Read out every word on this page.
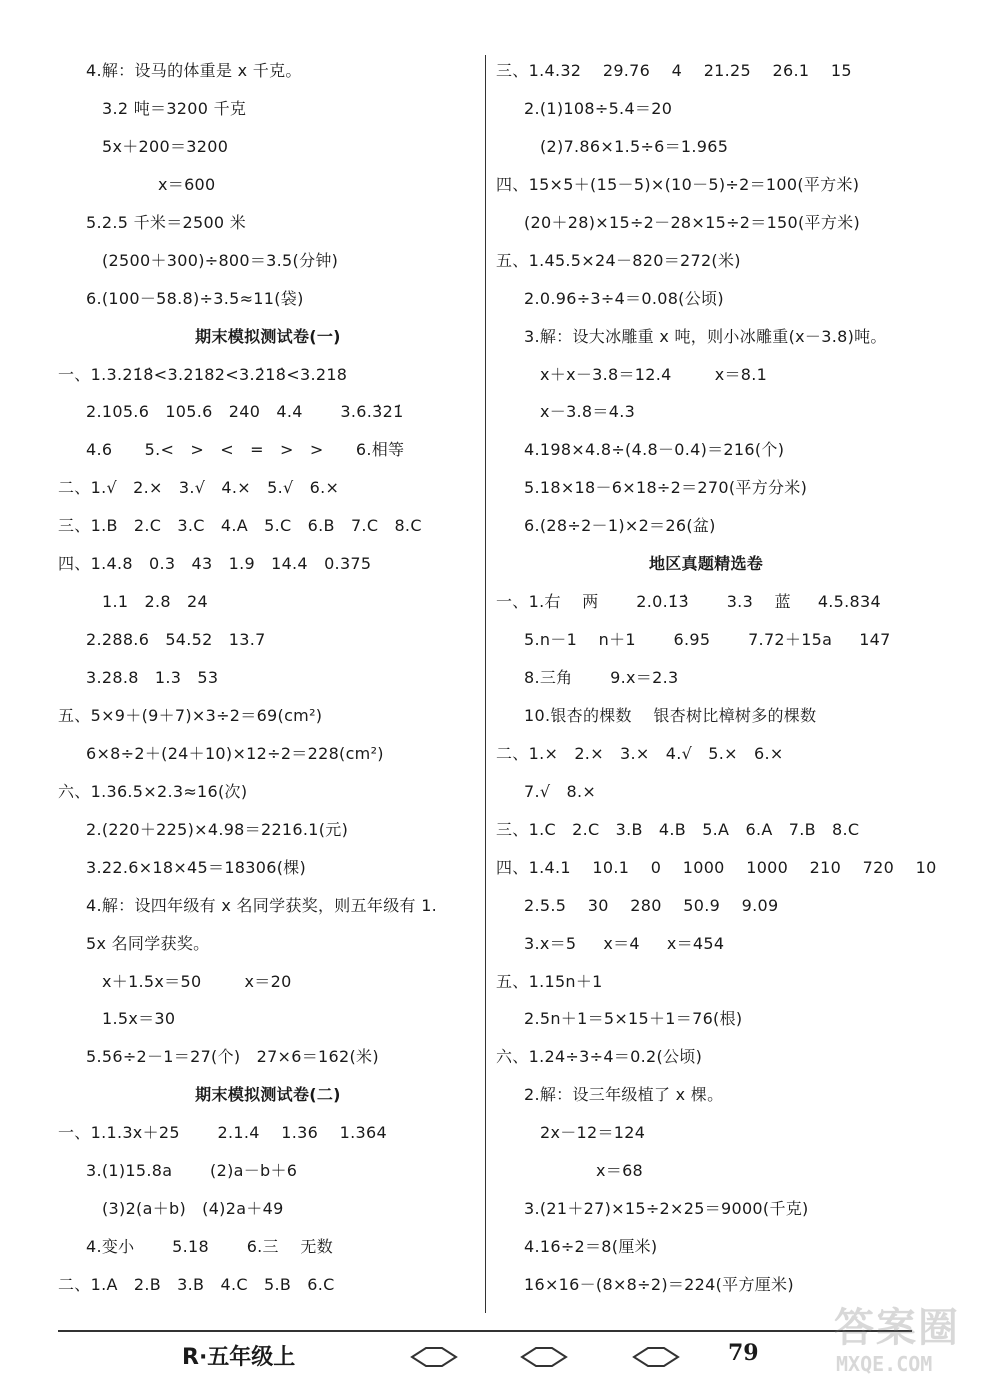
4.解：设马的体重是 x 千克。
3.2 吨＝3200 千克
5x＋200＝3200
x＝600
5.2.5 千米＝2500 米
(2500＋300)÷800＝3.5(分钟)
6.(100－58.8)÷3.5≈11(袋)
期末模拟测试卷(一)
一、1.3.21̇8̇<3.2182<3.2̇18̇<3.218
2.105.6   105.6   240   4.4       3.6.3̇21̇
4.6      5.<   >   <   =   >   >      6.相等
二、1.√   2.×   3.√   4.×   5.√   6.×
三、1.B   2.C   3.C   4.A   5.C   6.B   7.C   8.C
四、1.4.8   0.3   43   1.9   14.4   0.375
1.1   2.8   24
2.288.6   54.52   13.7
3.28.8   1.3   53
五、5×9＋(9＋7)×3÷2＝69(cm²)
6×8÷2＋(24＋10)×12÷2＝228(cm²)
六、1.36.5×2.3≈16(次)
2.(220＋225)×4.98＝2216.1(元)
3.22.6×18×45＝18306(棵)
4.解：设四年级有 x 名同学获奖，则五年级有 1.
5x 名同学获奖。
x＋1.5x＝50        x＝20
1.5x＝30
5.56÷2－1＝27(个)   27×6＝162(米)
期末模拟测试卷(二)
一、1.1.3x＋25       2.1.4    1.36    1.364
3.(1)15.8a       (2)a－b＋6
(3)2(a＋b)   (4)2a＋49
4.变小       5.18       6.三    无数
二、1.A   2.B   3.B   4.C   5.B   6.C
三、1.4.32    29.76    4    21.25    26.1    15
2.(1)108÷5.4＝20
(2)7.86×1.5÷6＝1.965
四、15×5＋(15－5)×(10－5)÷2＝100(平方米)
(20＋28)×15÷2－28×15÷2＝150(平方米)
五、1.45.5×24－820＝272(米)
2.0.96÷3÷4＝0.08(公顷)
3.解：设大冰雕重 x 吨，则小冰雕重(x－3.8)吨。
x＋x－3.8＝12.4        x＝8.1
x－3.8＝4.3
4.198×4.8÷(4.8－0.4)＝216(个)
5.18×18－6×18÷2＝270(平方分米)
6.(28÷2－1)×2＝26(盆)
地区真题精选卷
一、1.右    两       2.0.1̇3̇       3.3    蓝     4.5.834
5.n－1    n＋1       6.95       7.72＋15a     147
8.三角       9.x＝2.3
10.银杏的棵数    银杏树比樟树多的棵数
二、1.×   2.×   3.×   4.√   5.×   6.×
7.√   8.×
三、1.C   2.C   3.B   4.B   5.A   6.A   7.B   8.C
四、1.4.1    10.1    0    1000    1000    210    720    10
2.5.5    30    280    50.9    9.09
3.x＝5     x＝4     x＝454
五、1.15n＋1
2.5n＋1＝5×15＋1＝76(根)
六、1.24÷3÷4＝0.2(公顷)
2.解：设三年级植了 x 棵。
2x－12＝124
x＝68
3.(21＋27)×15÷2×25＝9000(千克)
4.16÷2＝8(厘米)
16×16－(8×8÷2)＝224(平方厘米)
R·五年级上	79
答案圈
MXQE.COM
